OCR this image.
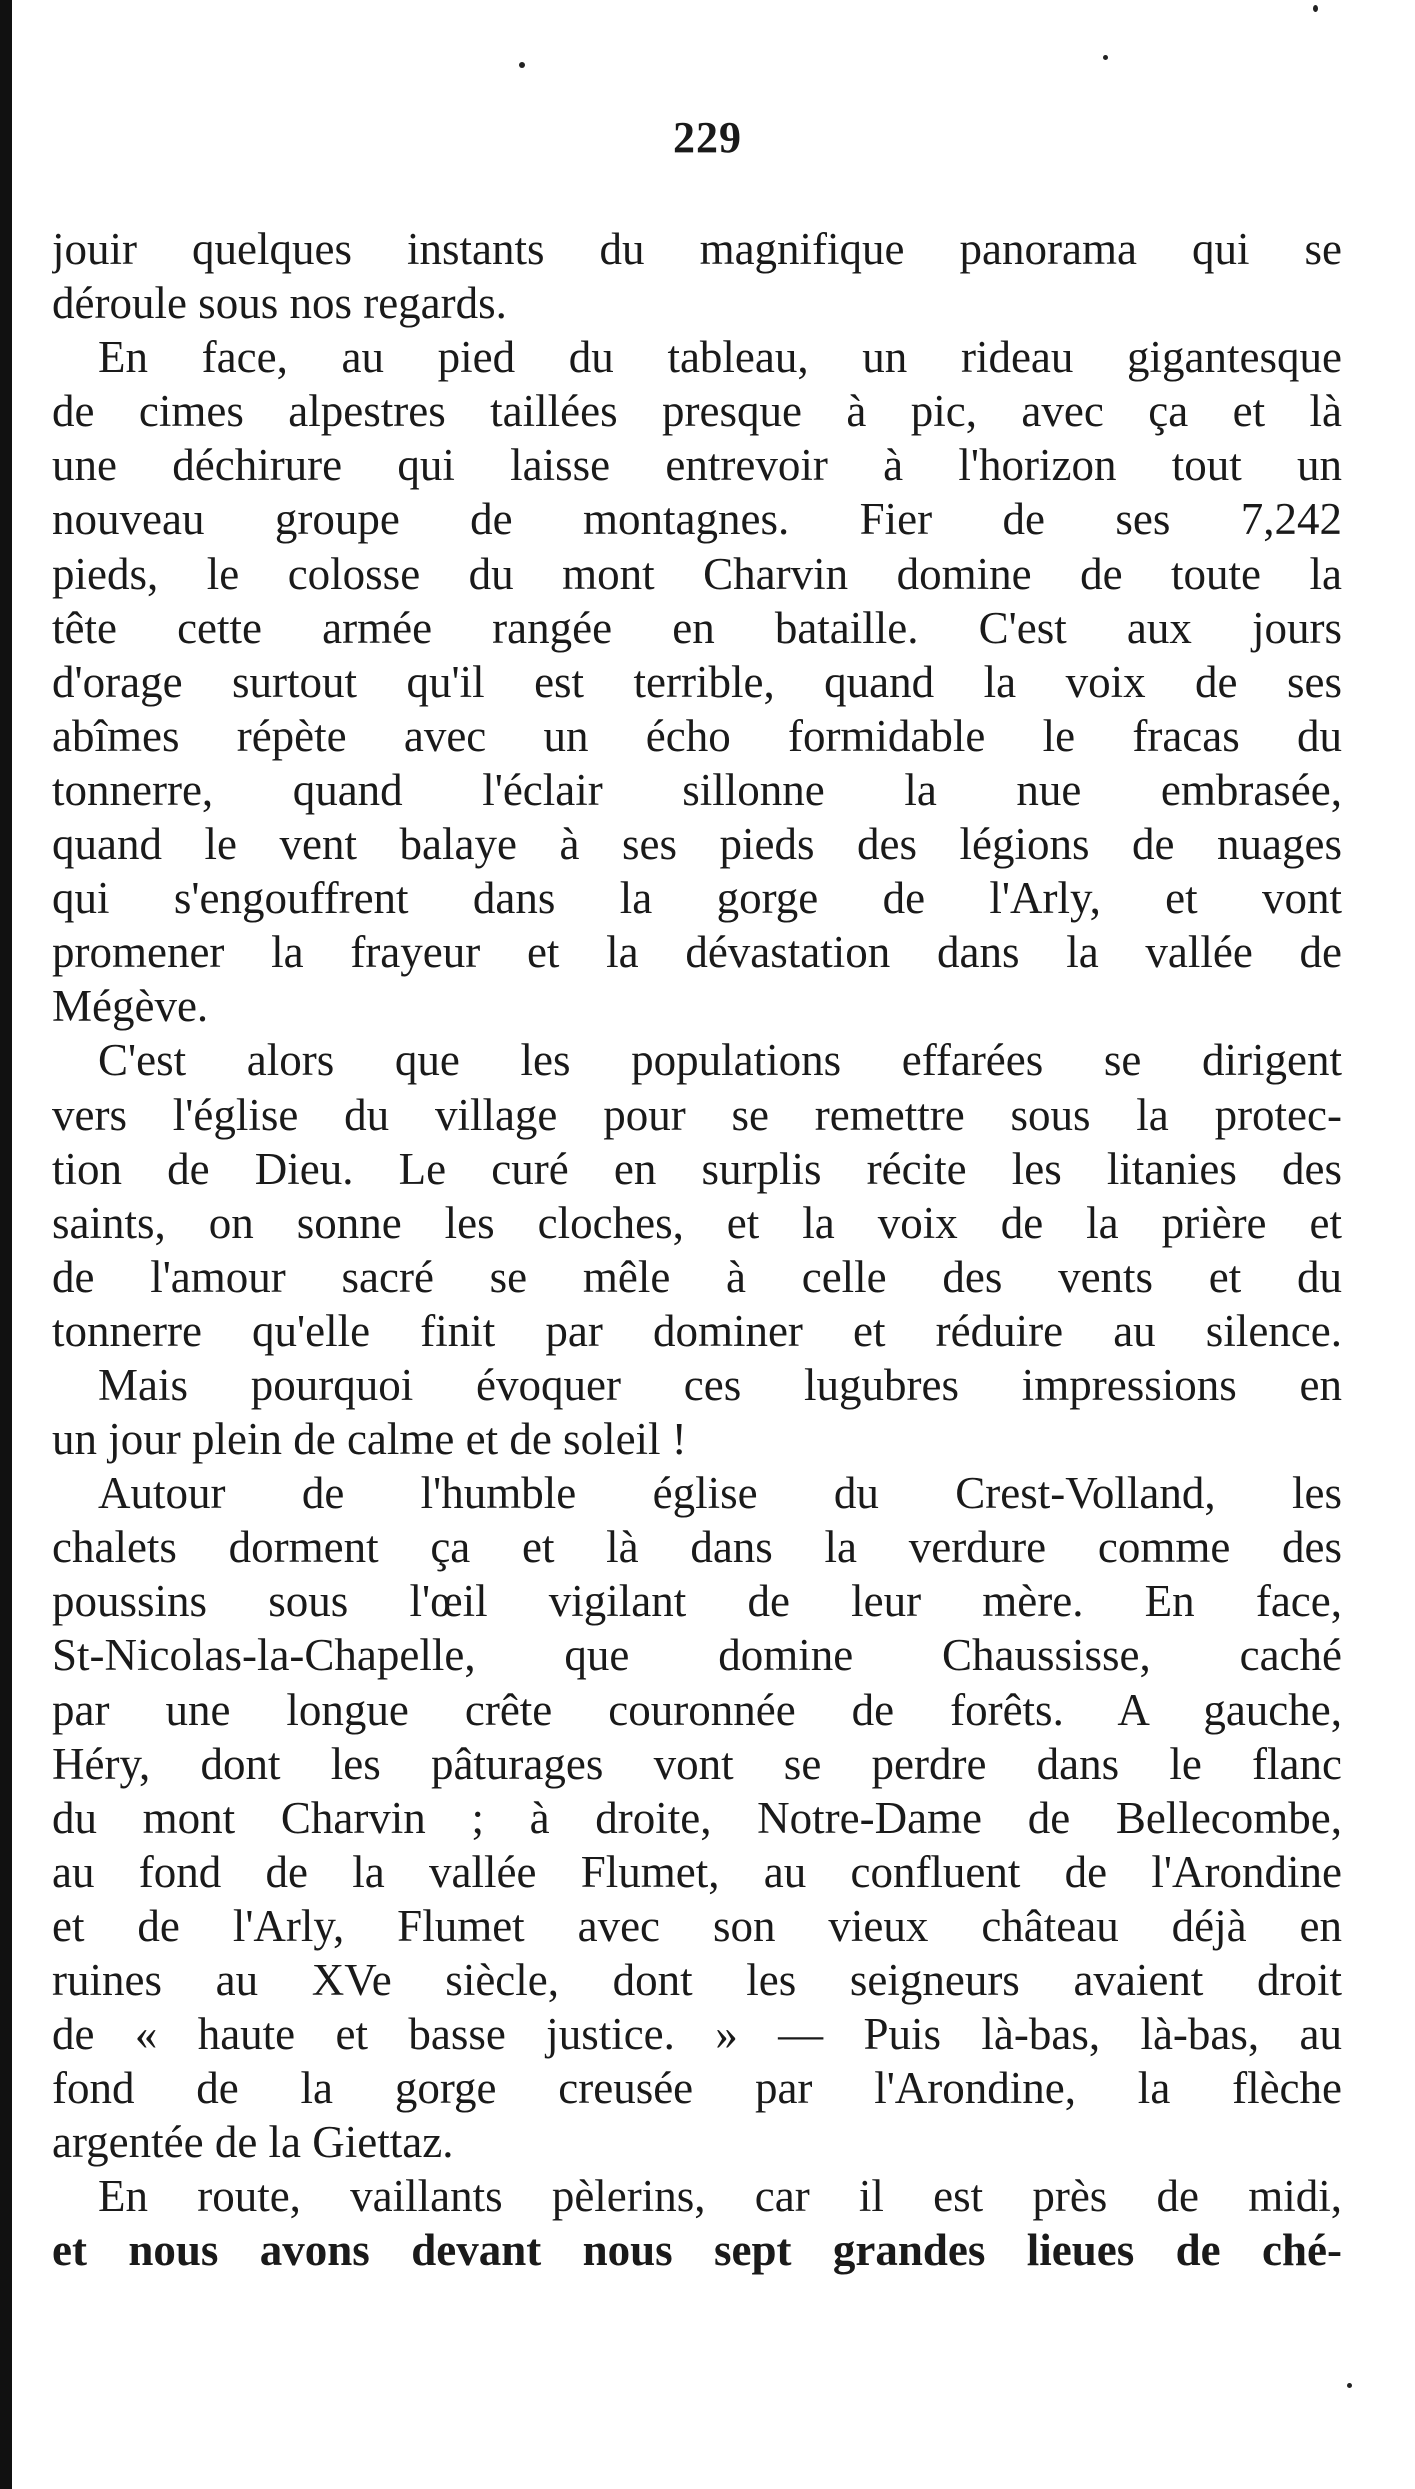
229
jouir quelques instants du magnifique panorama qui se
déroule sous nos regards.
En face, au pied du tableau, un rideau gigantesque
de cimes alpestres taillées presque à pic, avec ça et là
une déchirure qui laisse entrevoir à l'horizon tout un
nouveau groupe de montagnes. Fier de ses 7,242
pieds, le colosse du mont Charvin domine de toute la
tête cette armée rangée en bataille. C'est aux jours
d'orage surtout qu'il est terrible, quand la voix de ses
abîmes répète avec un écho formidable le fracas du
tonnerre, quand l'éclair sillonne la nue embrasée,
quand le vent balaye à ses pieds des légions de nuages
qui s'engouffrent dans la gorge de l'Arly, et vont
promener la frayeur et la dévastation dans la vallée de
Mégève.
C'est alors que les populations effarées se dirigent
vers l'église du village pour se remettre sous la protec-
tion de Dieu. Le curé en surplis récite les litanies des
saints, on sonne les cloches, et la voix de la prière et
de l'amour sacré se mêle à celle des vents et du
tonnerre qu'elle finit par dominer et réduire au silence.
Mais pourquoi évoquer ces lugubres impressions en
un jour plein de calme et de soleil !
Autour de l'humble église du Crest-Volland, les
chalets dorment ça et là dans la verdure comme des
poussins sous l'œil vigilant de leur mère. En face,
St-Nicolas-la-Chapelle, que domine Chaussisse, caché
par une longue crête couronnée de forêts. A gauche,
Héry, dont les pâturages vont se perdre dans le flanc
du mont Charvin ; à droite, Notre-Dame de Bellecombe,
au fond de la vallée Flumet, au confluent de l'Arondine
et de l'Arly, Flumet avec son vieux château déjà en
ruines au XVe siècle, dont les seigneurs avaient droit
de « haute et basse justice. » — Puis là-bas, là-bas, au
fond de la gorge creusée par l'Arondine, la flèche
argentée de la Giettaz.
En route, vaillants pèlerins, car il est près de midi,
et nous avons devant nous sept grandes lieues de ché-
